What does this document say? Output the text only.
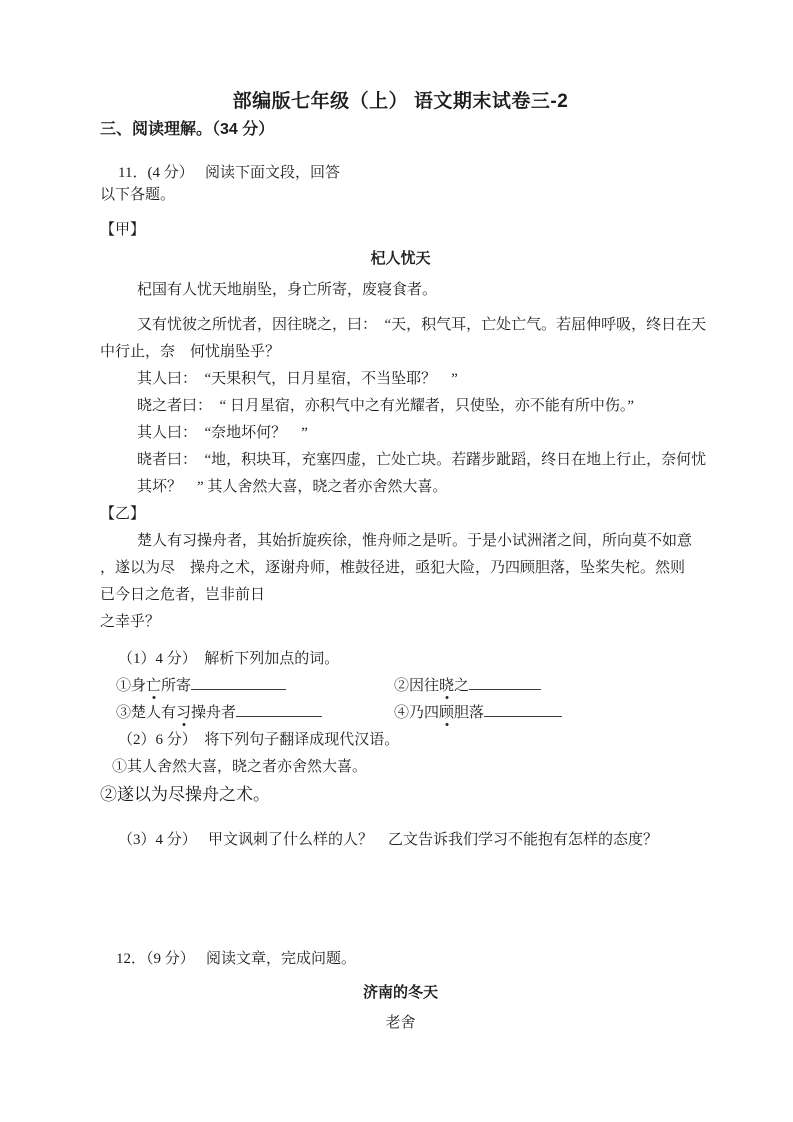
部编版七年级（上） 语文期末试卷三-2
三、阅读理解。（34 分）
11．(4 分）　 阅读下面文段，回答
以下各题。
【甲】
杞人忧天
杞国有人忧天地崩坠，身亡所寄，废寝食者。
又有忧彼之所忧者，因往晓之，曰：　“天，积气耳，亡处亡气。若屈伸呼吸，终日在天
中行止，奈　何忧崩坠乎？
其人曰：　“天果积气，日月星宿，不当坠耶？　”
晓之者曰：　“ 日月星宿，亦积气中之有光耀者，只使坠，亦不能有所中伤。”
其人曰：　“奈地坏何？　”
晓者曰：　“地，积块耳，充塞四虚，亡处亡块。若躇步跐蹈，终日在地上行止，奈何忧
其坏？　” 其人舍然大喜，晓之者亦舍然大喜。
【乙】
楚人有习操舟者，其始折旋疾徐，惟舟师之是听。于是小试洲渚之间，所向莫不如意
，遂以为尽　操舟之术，逐谢舟师，椎鼓径进，亟犯大险，乃四顾胆落，坠桨失柁。然则
已今日之危者，岂非前日
之幸乎？
（1）4 分）　解析下列加点的词。
①身亡所寄	②因往晓之
③楚人有习操舟者	④乃四顾胆落
（2）6 分）　将下列句子翻译成现代汉语。
①其人舍然大喜，晓之者亦舍然大喜。
②遂以为尽操舟之术。
（3）4 分）　 甲文讽刺了什么样的人？　乙文告诉我们学习不能抱有怎样的态度？
12．（9 分）　 阅读文章，完成问题。
济南的冬天
老舍
